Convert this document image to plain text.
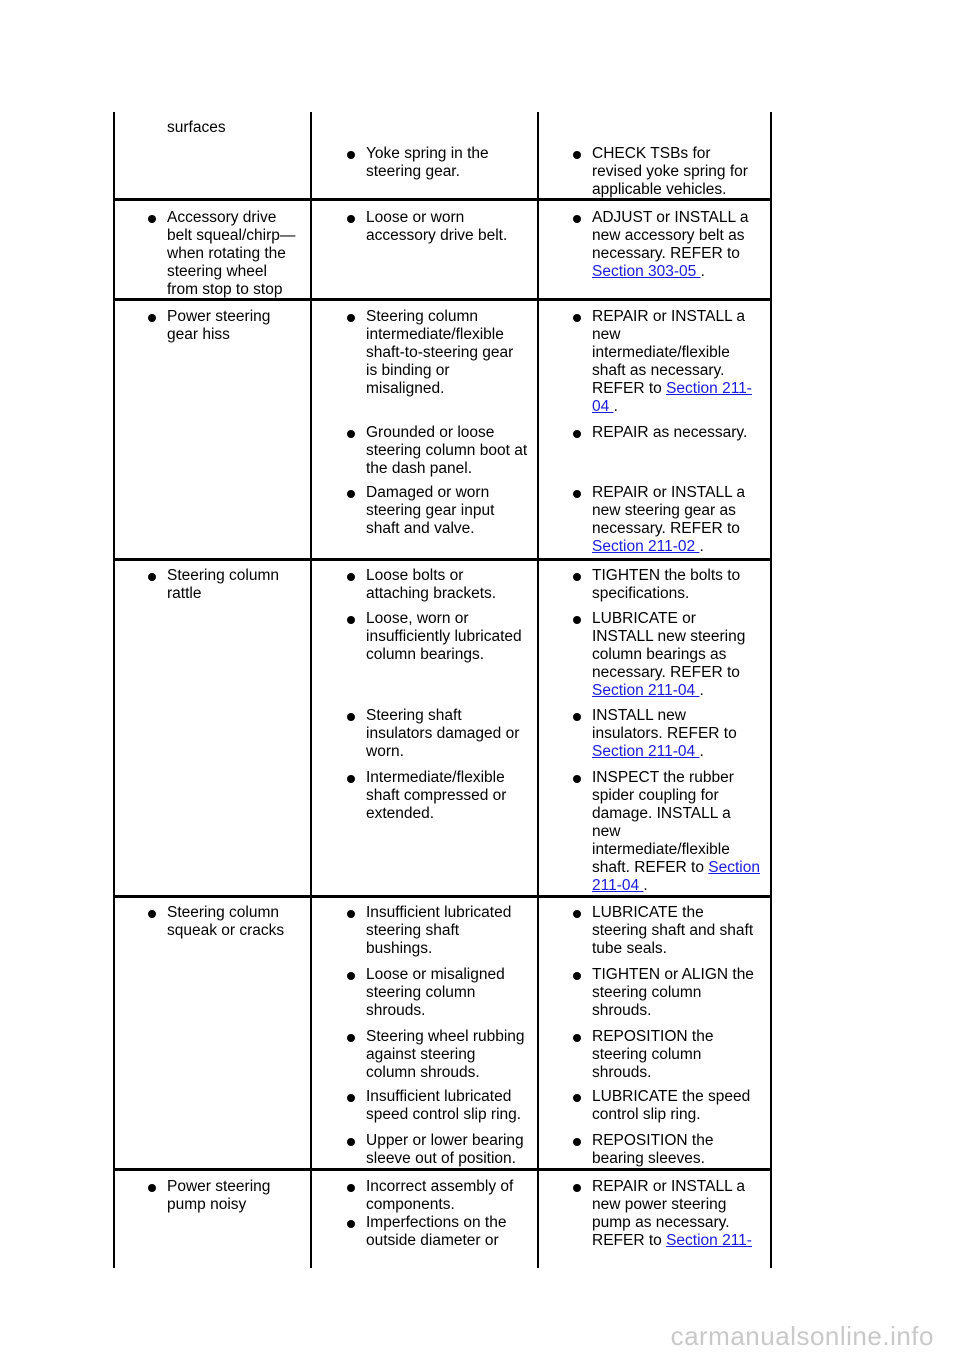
surfaces
Yoke spring in the
steering gear.
CHECK TSBs for
revised yoke spring for
applicable vehicles.
Accessory drive
belt squeal/chirp—
when rotating the
steering wheel
from stop to stop
Loose or worn
accessory drive belt.
ADJUST or INSTALL a
new accessory belt as
necessary. REFER to
Section 303-05 .
Power steering
gear hiss
Steering column
intermediate/flexible
shaft-to-steering gear
is binding or
misaligned.
Grounded or loose
steering column boot at
the dash panel.
Damaged or worn
steering gear input
shaft and valve.
REPAIR or INSTALL a
new
intermediate/flexible
shaft as necessary.
REFER to Section 211-
04 .
REPAIR as necessary.
REPAIR or INSTALL a
new steering gear as
necessary. REFER to
Section 211-02 .
Steering column
rattle
Loose bolts or
attaching brackets.
Loose, worn or
insufficiently lubricated
column bearings.
Steering shaft
insulators damaged or
worn.
Intermediate/flexible
shaft compressed or
extended.
TIGHTEN the bolts to
specifications.
LUBRICATE or
INSTALL new steering
column bearings as
necessary. REFER to
Section 211-04 .
INSTALL new
insulators. REFER to
Section 211-04 .
INSPECT the rubber
spider coupling for
damage. INSTALL a
new
intermediate/flexible
shaft. REFER to Section
211-04 .
Steering column
squeak or cracks
Insufficient lubricated
steering shaft
bushings.
Loose or misaligned
steering column
shrouds.
Steering wheel rubbing
against steering
column shrouds.
Insufficient lubricated
speed control slip ring.
Upper or lower bearing
sleeve out of position.
LUBRICATE the
steering shaft and shaft
tube seals.
TIGHTEN or ALIGN the
steering column
shrouds.
REPOSITION the
steering column
shrouds.
LUBRICATE the speed
control slip ring.
REPOSITION the
bearing sleeves.
Power steering
pump noisy
Incorrect assembly of
components.
Imperfections on the
outside diameter or
REPAIR or INSTALL a
new power steering
pump as necessary.
REFER to Section 211-
carmanualsonline.info
